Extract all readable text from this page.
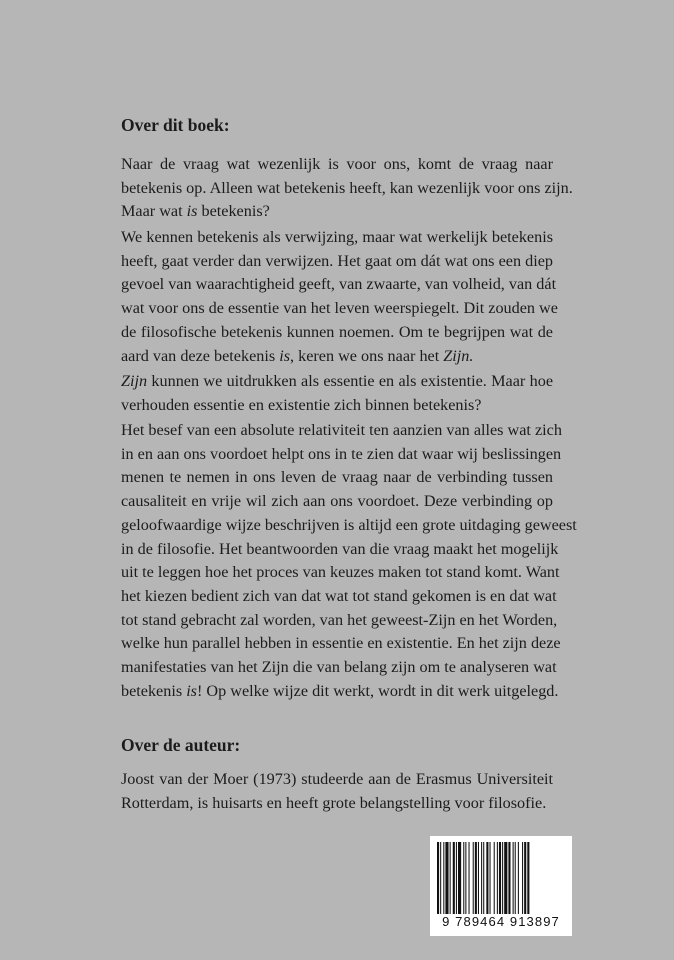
Over dit boek:

Naar de vraag wat wezenlijk is voor ons, komt de vraag naar
betekenis op. Alleen wat betekenis heeft, kan wezenlijk voor ons zijn.
Maar wat is betekenis?

We kennen betekenis als verwijzing, maar wat werkelijk betekenis
heeft, gaat verder dan verwijzen. Het gaat om dát wat ons een diep
gevoel van waarachtigheid geeft, van zwaarte, van volheid, van dát
wat voor ons de essentie van het leven weerspiegelt. Dit zouden we
de filosofische betekenis kunnen noemen. Om te begrijpen wat de
aard van deze betekenis is, keren we ons naar het Zijn.

Zijn kunnen we uitdrukken als essentie en als existentie. Maar hoe
verhouden essentie en existentie zich binnen betekenis?

Het besef van een absolute relativiteit ten aanzien van alles wat zich
in en aan ons voordoet helpt ons in te zien dat waar wij beslissingen
menen te nemen in ons leven de vraag naar de verbinding tussen
causaliteit en vrije wil zich aan ons voordoet. Deze verbinding op
geloofwaardige wijze beschrijven is altijd een grote uitdaging geweest
in de filosofie. Het beantwoorden van die vraag maakt het mogelijk
uit te leggen hoe het proces van keuzes maken tot stand komt. Want
het kiezen bedient zich van dat wat tot stand gekomen is en dat wat
tot stand gebracht zal worden, van het geweest-Zijn en het Worden,
welke hun parallel hebben in essentie en existentie. En het zijn deze
manifestaties van het Zijn die van belang zijn om te analyseren wat
betekenis is! Op welke wijze dit werkt, wordt in dit werk uitgelegd.

Over de auteur:

Joost van der Moer (1973) studeerde aan de Erasmus Universiteit
Rotterdam, is huisarts en heeft grote belangstelling voor filosofie.

9 789464 913897
